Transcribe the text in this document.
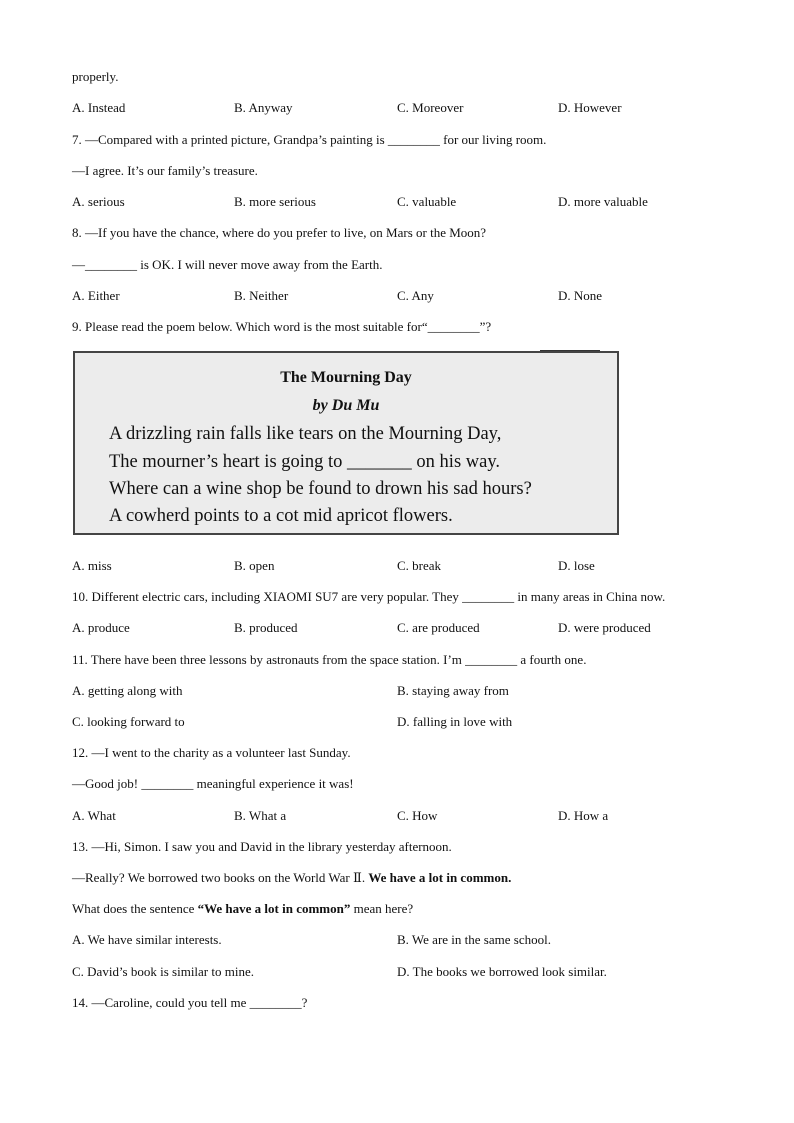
properly.
A. Instead	B. Anyway	C. Moreover	D. However
7. —Compared with a printed picture, Grandpa’s painting is ________ for our living room.
—I agree. It’s our family’s treasure.
A. serious	B. more serious	C. valuable	D. more valuable
8. —If you have the chance, where do you prefer to live, on Mars or the Moon?
—________ is OK. I will never move away from the Earth.
A. Either	B. Neither	C. Any	D. None
9. Please read the poem below. Which word is the most suitable for“________”?
The Mourning Day
by Du Mu
A drizzling rain falls like tears on the Mourning Day,
The mourner’s heart is going to _______ on his way.
Where can a wine shop be found to drown his sad hours?
A cowherd points to a cot mid apricot flowers.
A. miss	B. open	C. break	D. lose
10. Different electric cars, including XIAOMI SU7 are very popular. They ________ in many areas in China now.
A. produce	B. produced	C. are produced	D. were produced
11. There have been three lessons by astronauts from the space station. I’m ________ a fourth one.
A. getting along with	B. staying away from
C. looking forward to	D. falling in love with
12. —I went to the charity as a volunteer last Sunday.
—Good job! ________ meaningful experience it was!
A. What	B. What a	C. How	D. How a
13. —Hi, Simon. I saw you and David in the library yesterday afternoon.
—Really? We borrowed two books on the World War Ⅱ. We have a lot in common.
What does the sentence “We have a lot in common” mean here?
A. We have similar interests.	B. We are in the same school.
C. David’s book is similar to mine.	D. The books we borrowed look similar.
14. —Caroline, could you tell me ________?
